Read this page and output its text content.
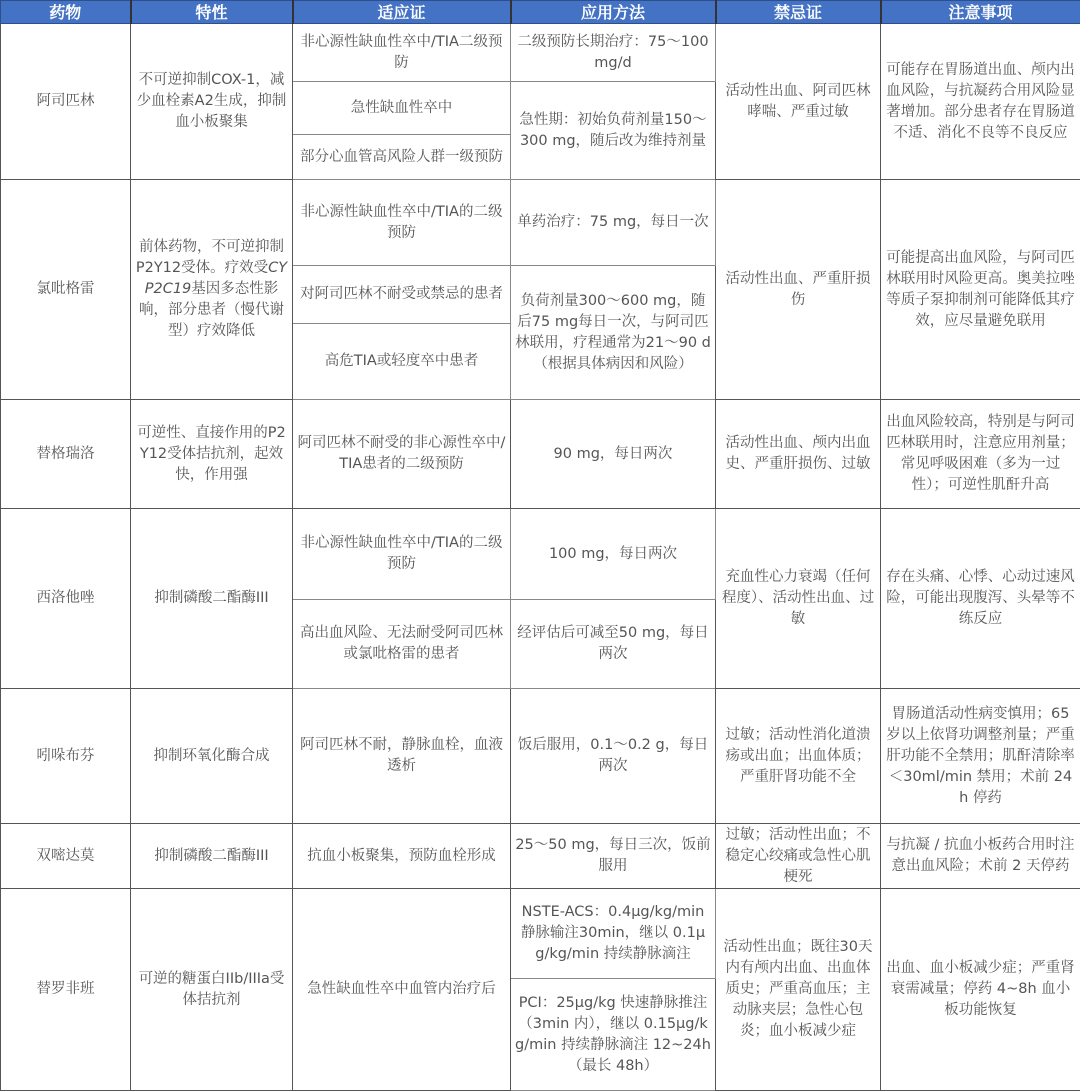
药物	特性	适应证	应用方法	禁忌证	注意事项
阿司匹林	不可逆抑制COX-1，减少血栓素A2生成，抑制血小板聚集	非心源性缺血性卒中/TIA二级预防	二级预防长期治疗：75～100 mg/d	活动性出血、阿司匹林哮喘、严重过敏	可能存在胃肠道出血、颅内出血风险，与抗凝药合用风险显著增加。部分患者存在胃肠道不适、消化不良等不良反应
		急性缺血性卒中	急性期：初始负荷剂量150～300 mg，随后改为维持剂量		
		部分心血管高风险人群一级预防			
氯吡格雷	前体药物，不可逆抑制P2Y12受体。疗效受CYP2C19基因多态性影响，部分患者（慢代谢型）疗效降低	非心源性缺血性卒中/TIA的二级预防	单药治疗：75 mg，每日一次	活动性出血、严重肝损伤	可能提高出血风险，与阿司匹林联用时风险更高。奥美拉唑等质子泵抑制剂可能降低其疗效，应尽量避免联用
		对阿司匹林不耐受或禁忌的患者	负荷剂量300～600 mg，随后75 mg每日一次，与阿司匹林联用，疗程通常为21～90 d（根据具体病因和风险）		
		高危TIA或轻度卒中患者			
替格瑞洛	可逆性、直接作用的P2Y12受体拮抗剂，起效快，作用强	阿司匹林不耐受的非心源性卒中/TIA患者的二级预防	90 mg，每日两次	活动性出血、颅内出血史、严重肝损伤、过敏	出血风险较高，特别是与阿司匹林联用时，注意应用剂量；常见呼吸困难（多为一过性）；可逆性肌酐升高
西洛他唑	抑制磷酸二酯酶III	非心源性缺血性卒中/TIA的二级预防	100 mg，每日两次	充血性心力衰竭（任何程度）、活动性出血、过敏	存在头痛、心悸、心动过速风险，可能出现腹泻、头晕等不练反应
		高出血风险、无法耐受阿司匹林或氯吡格雷的患者	经评估后可减至50 mg，每日两次		
吲哚布芬	抑制环氧化酶合成	阿司匹林不耐，静脉血栓，血液透析	饭后服用，0.1～0.2 g，每日两次	过敏；活动性消化道溃疡或出血；出血体质；严重肝肾功能不全	胃肠道活动性病变慎用；65 岁以上依肾功调整剂量；严重肝功能不全禁用；肌酐清除率＜30ml/min 禁用；术前 24h 停药
双嘧达莫	抑制磷酸二酯酶III	抗血小板聚集，预防血栓形成	25～50 mg，每日三次，饭前服用	过敏；活动性出血；不稳定心绞痛或急性心肌梗死	与抗凝 / 抗血小板药合用时注意出血风险；术前 2 天停药
替罗非班	可逆的糖蛋白IIb/IIIa受体拮抗剂	急性缺血性卒中血管内治疗后	NSTE-ACS：0.4μg/kg/min 静脉输注30min，继以 0.1μg/kg/min 持续静脉滴注	活动性出血；既往30天内有颅内出血、出血体质史；严重高血压；主动脉夹层；急性心包炎；血小板减少症	出血、血小板减少症；严重肾衰需减量；停药 4~8h 血小板功能恢复
			PCI：25μg/kg 快速静脉推注（3min 内），继以 0.15μg/kg/min 持续静脉滴注 12~24h（最长 48h）		
